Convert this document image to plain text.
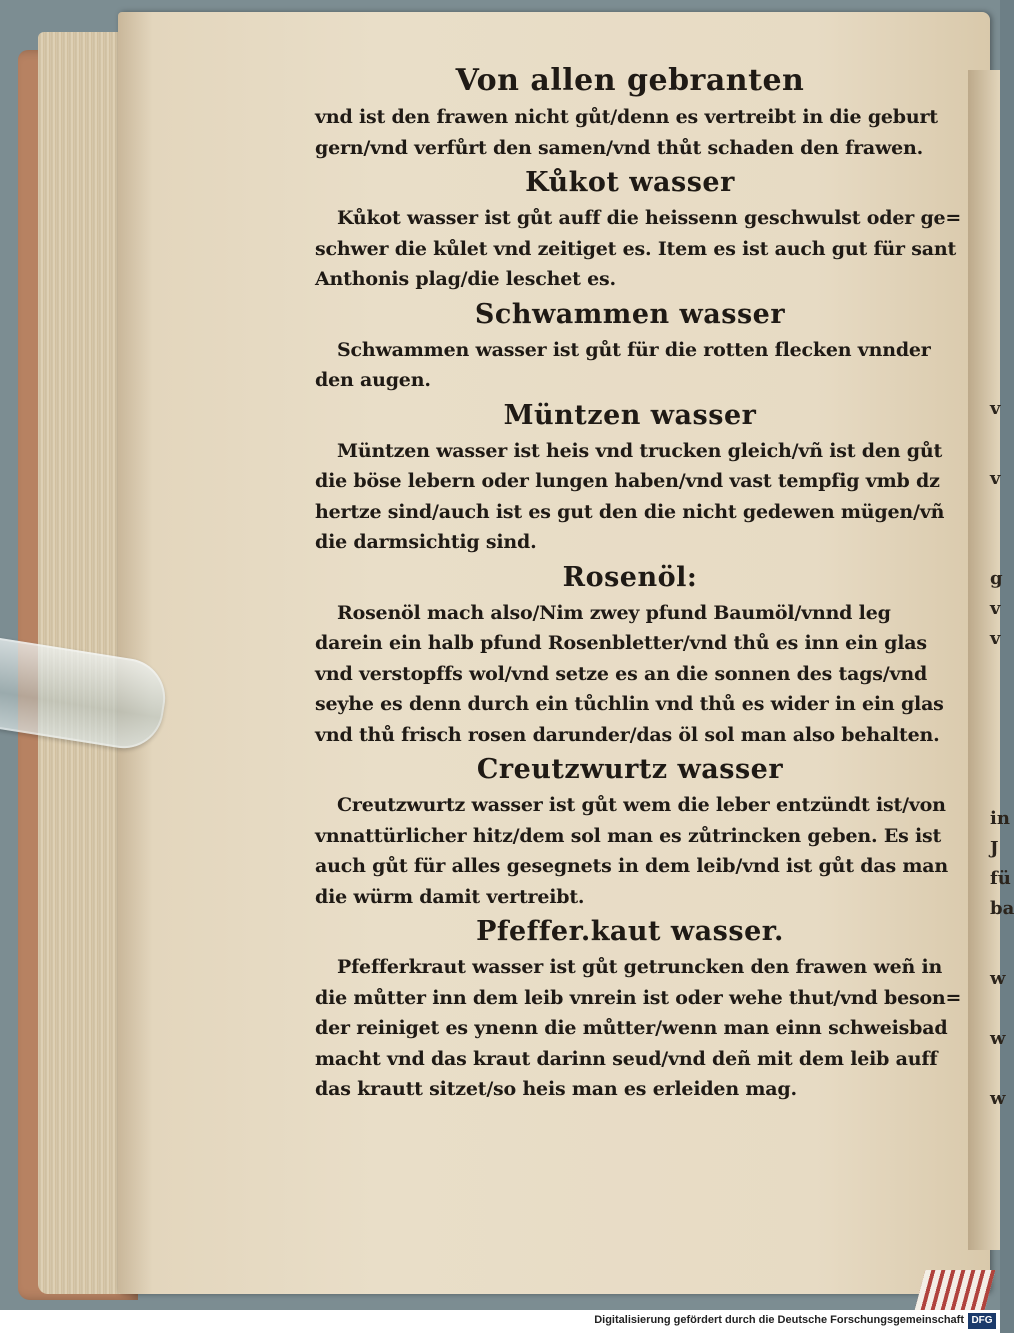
v
v
g
v
v
in
J
fü
ba
w
w
w

Von allen gebranten

vnd ist den frawen nicht gůt/denn es vertreibt in die geburt

gern/vnd verfůrt den samen/vnd thůt schaden den frawen.

Kůkot wasser

Kůkot wasser ist gůt auff die heissenn geschwulst oder ge=

schwer die kůlet vnd zeitiget es. Item es ist auch gut für sant

Anthonis plag/die leschet es.

Schwammen wasser

Schwammen wasser ist gůt für die rotten flecken vnnder

den augen.

Müntzen wasser

Müntzen wasser ist heis vnd trucken gleich/vñ ist den gůt

die böse lebern oder lungen haben/vnd vast tempfig vmb dz

hertze sind/auch ist es gut den die nicht gedewen mügen/vñ

die darmsichtig sind.

Rosenöl:

Rosenöl mach also/Nim zwey pfund Baumöl/vnnd leg

darein ein halb pfund Rosenbletter/vnd thů es inn ein glas

vnd verstopffs wol/vnd setze es an die sonnen des tags/vnd

seyhe es denn durch ein tůchlin vnd thů es wider in ein glas

vnd thů frisch rosen darunder/das öl sol man also behalten.

Creutzwurtz wasser

Creutzwurtz wasser ist gůt wem die leber entzündt ist/von

vnnattürlicher hitz/dem sol man es zůtrincken geben. Es ist

auch gůt für alles gesegnets in dem leib/vnd ist gůt das man

die würm damit vertreibt.

Pfeffer.kaut wasser.

Pfefferkraut wasser ist gůt getruncken den frawen weñ in

die můtter inn dem leib vnrein ist oder wehe thut/vnd beson=

der reiniget es ynenn die můtter/wenn man einn schweisbad

macht vnd das kraut darinn seud/vnd deñ mit dem leib auff

das krautt sitzet/so heis man es erleiden mag.

Digitalisierung gefördert durch die Deutsche Forschungsgemeinschaft DFG
